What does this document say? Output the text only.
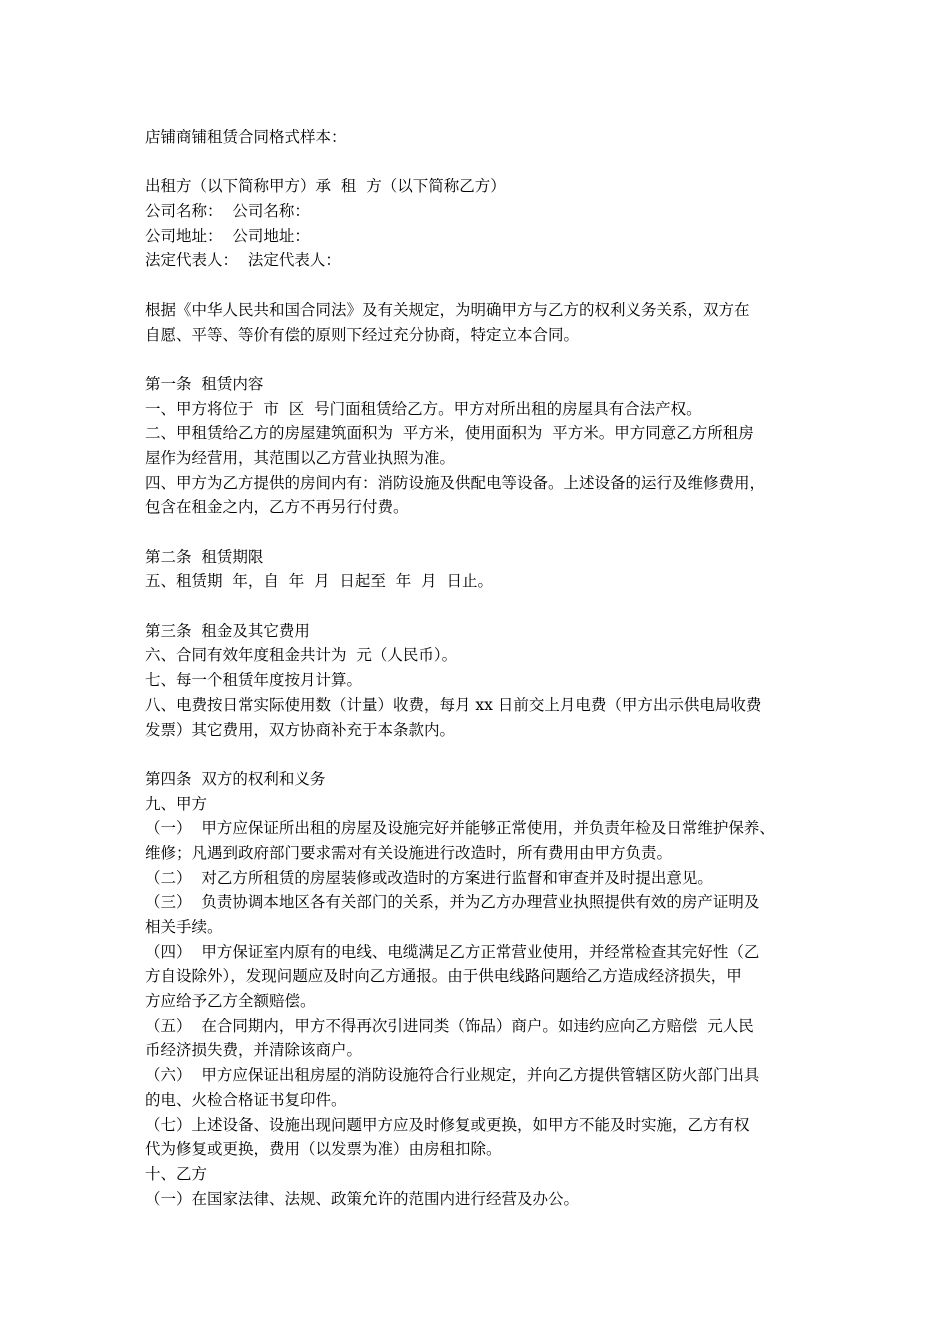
店铺商铺租赁合同格式样本：
出租方（以下简称甲方）承  租  方（以下简称乙方）
公司名称：  公司名称：
公司地址：  公司地址：
法定代表人：  法定代表人：
根据《中华人民共和国合同法》及有关规定，为明确甲方与乙方的权利义务关系，双方在
自愿、平等、等价有偿的原则下经过充分协商，特定立本合同。
第一条  租赁内容
一、甲方将位于  市  区  号门面租赁给乙方。甲方对所出租的房屋具有合法产权。
二、甲租赁给乙方的房屋建筑面积为  平方米，使用面积为  平方米。甲方同意乙方所租房
屋作为经营用，其范围以乙方营业执照为准。
四、甲方为乙方提供的房间内有：消防设施及供配电等设备。上述设备的运行及维修费用，
包含在租金之内，乙方不再另行付费。
第二条  租赁期限
五、租赁期  年，自  年  月  日起至  年  月  日止。
第三条  租金及其它费用
六、合同有效年度租金共计为  元（人民币）。
七、每一个租赁年度按月计算。
八、电费按日常实际使用数（计量）收费，每月 xx 日前交上月电费（甲方出示供电局收费
发票）其它费用，双方协商补充于本条款内。
第四条  双方的权利和义务
九、甲方
（一）  甲方应保证所出租的房屋及设施完好并能够正常使用，并负责年检及日常维护保养、
维修；凡遇到政府部门要求需对有关设施进行改造时，所有费用由甲方负责。
（二）  对乙方所租赁的房屋装修或改造时的方案进行监督和审查并及时提出意见。
（三）  负责协调本地区各有关部门的关系，并为乙方办理营业执照提供有效的房产证明及
相关手续。
（四）  甲方保证室内原有的电线、电缆满足乙方正常营业使用，并经常检查其完好性（乙
方自设除外），发现问题应及时向乙方通报。由于供电线路问题给乙方造成经济损失，甲
方应给予乙方全额赔偿。
（五）  在合同期内，甲方不得再次引进同类（饰品）商户。如违约应向乙方赔偿  元人民
币经济损失费，并清除该商户。
（六）  甲方应保证出租房屋的消防设施符合行业规定，并向乙方提供管辖区防火部门出具
的电、火检合格证书复印件。
（七）上述设备、设施出现问题甲方应及时修复或更换，如甲方不能及时实施，乙方有权
代为修复或更换，费用（以发票为准）由房租扣除。
十、乙方
（一）在国家法律、法规、政策允许的范围内进行经营及办公。
